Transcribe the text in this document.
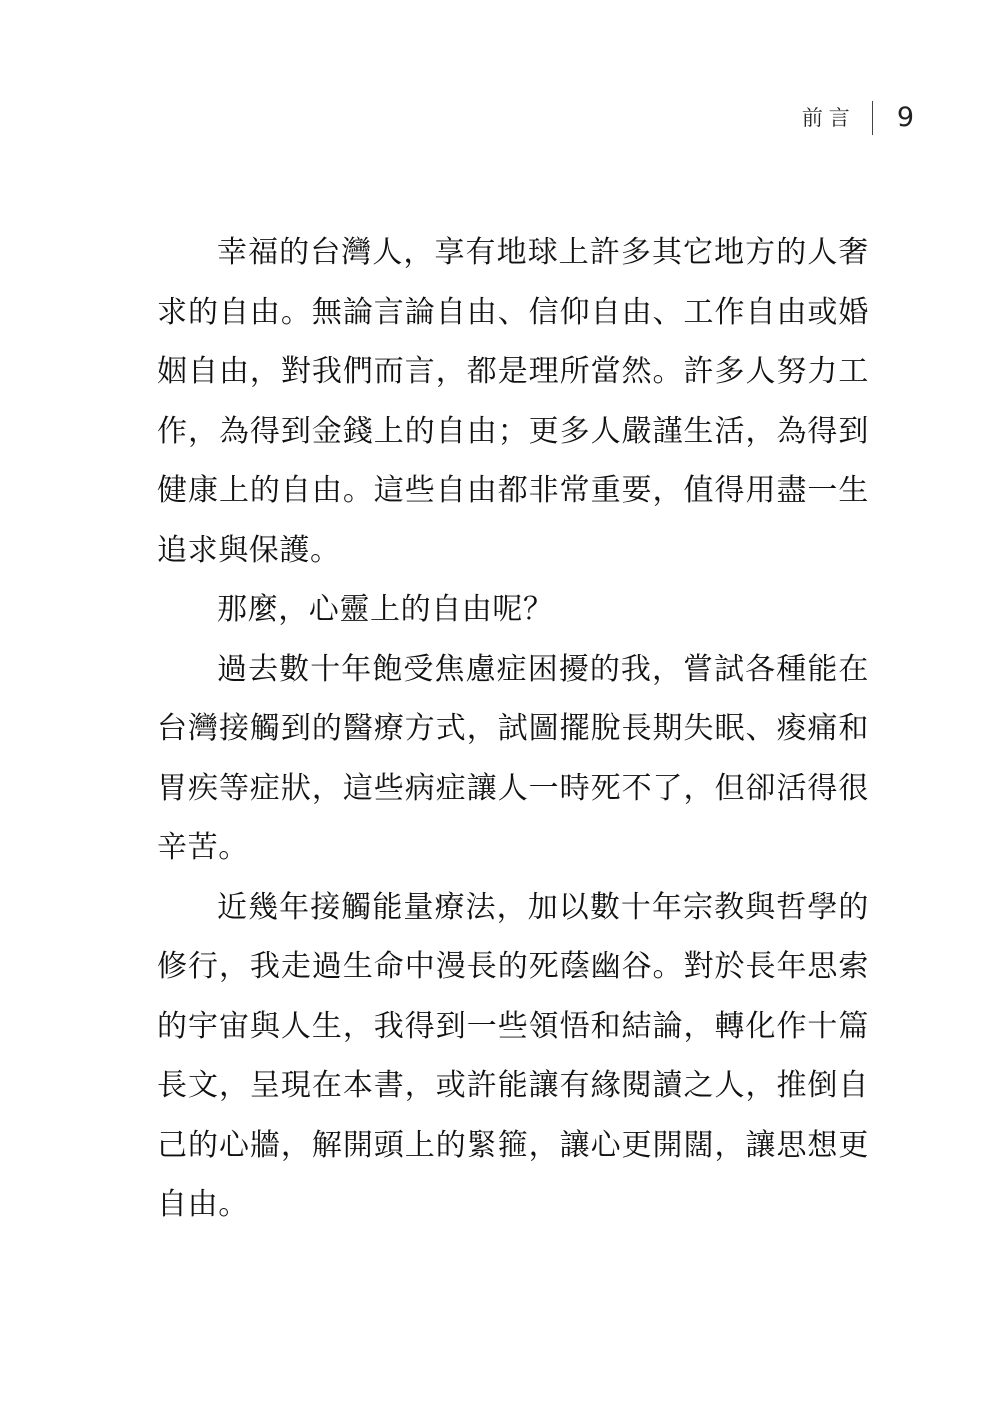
前言 9

幸福的台灣人，享有地球上許多其它地方的人奢求的自由。無論言論自由、信仰自由、工作自由或婚姻自由，對我們而言，都是理所當然。許多人努力工作，為得到金錢上的自由；更多人嚴謹生活，為得到健康上的自由。這些自由都非常重要，值得用盡一生追求與保護。

那麼，心靈上的自由呢？

過去數十年飽受焦慮症困擾的我，嘗試各種能在台灣接觸到的醫療方式，試圖擺脫長期失眠、痠痛和胃疾等症狀，這些病症讓人一時死不了，但卻活得很辛苦。

近幾年接觸能量療法，加以數十年宗教與哲學的修行，我走過生命中漫長的死蔭幽谷。對於長年思索的宇宙與人生，我得到一些領悟和結論，轉化作十篇長文，呈現在本書，或許能讓有緣閱讀之人，推倒自己的心牆，解開頭上的緊箍，讓心更開闊，讓思想更自由。
